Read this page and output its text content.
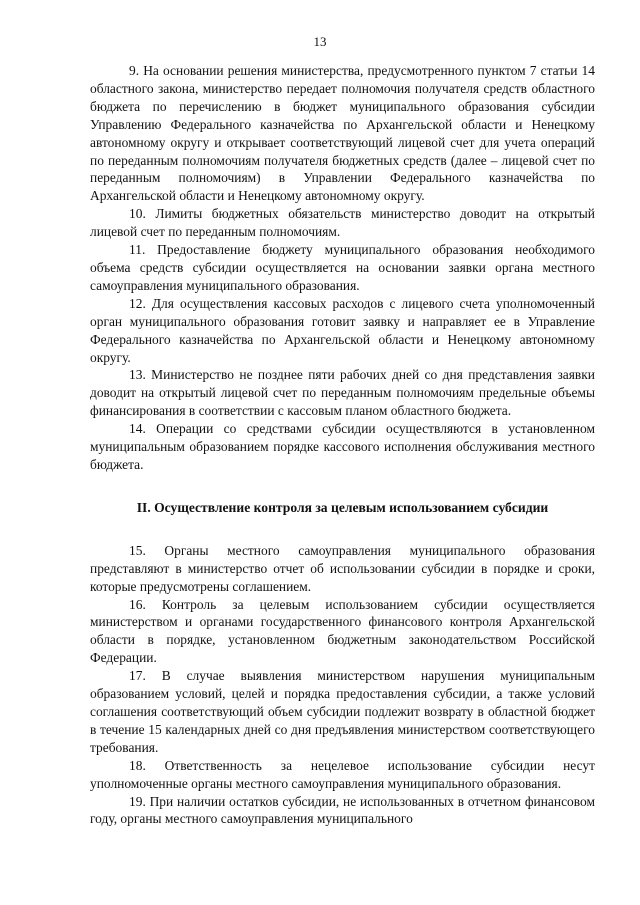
13

9. На основании решения министерства, предусмотренного пунктом 7 статьи 14 областного закона, министерство передает полномочия получателя средств областного бюджета по перечислению в бюджет муниципального образования субсидии Управлению Федерального казначейства по Архангельской области и Ненецкому автономному округу и открывает соответствующий лицевой счет для учета операций по переданным полномочиям получателя бюджетных средств (далее – лицевой счет по переданным полномочиям) в Управлении Федерального казначейства по Архангельской области и Ненецкому автономному округу.

10. Лимиты бюджетных обязательств министерство доводит на открытый лицевой счет по переданным полномочиям.

11. Предоставление бюджету муниципального образования необходимого объема средств субсидии осуществляется на основании заявки органа местного самоуправления муниципального образования.

12. Для осуществления кассовых расходов с лицевого счета уполномоченный орган муниципального образования готовит заявку и направляет ее в Управление Федерального казначейства по Архангельской области и Ненецкому автономному округу.

13. Министерство не позднее пяти рабочих дней со дня представления заявки доводит на открытый лицевой счет по переданным полномочиям предельные объемы финансирования в соответствии с кассовым планом областного бюджета.

14. Операции со средствами субсидии осуществляются в установленном муниципальным образованием порядке кассового исполнения обслуживания местного бюджета.

II. Осуществление контроля за целевым использованием субсидии

15. Органы местного самоуправления муниципального образования представляют в министерство отчет об использовании субсидии в порядке и сроки, которые предусмотрены соглашением.

16. Контроль за целевым использованием субсидии осуществляется министерством и органами государственного финансового контроля Архангельской области в порядке, установленном бюджетным законодательством Российской Федерации.

17. В случае выявления министерством нарушения муниципальным образованием условий, целей и порядка предоставления субсидии, а также условий соглашения соответствующий объем субсидии подлежит возврату в областной бюджет в течение 15 календарных дней со дня предъявления министерством соответствующего требования.

18. Ответственность за нецелевое использование субсидии несут уполномоченные органы местного самоуправления муниципального образования.

19. При наличии остатков субсидии, не использованных в отчетном финансовом году, органы местного самоуправления муниципального
